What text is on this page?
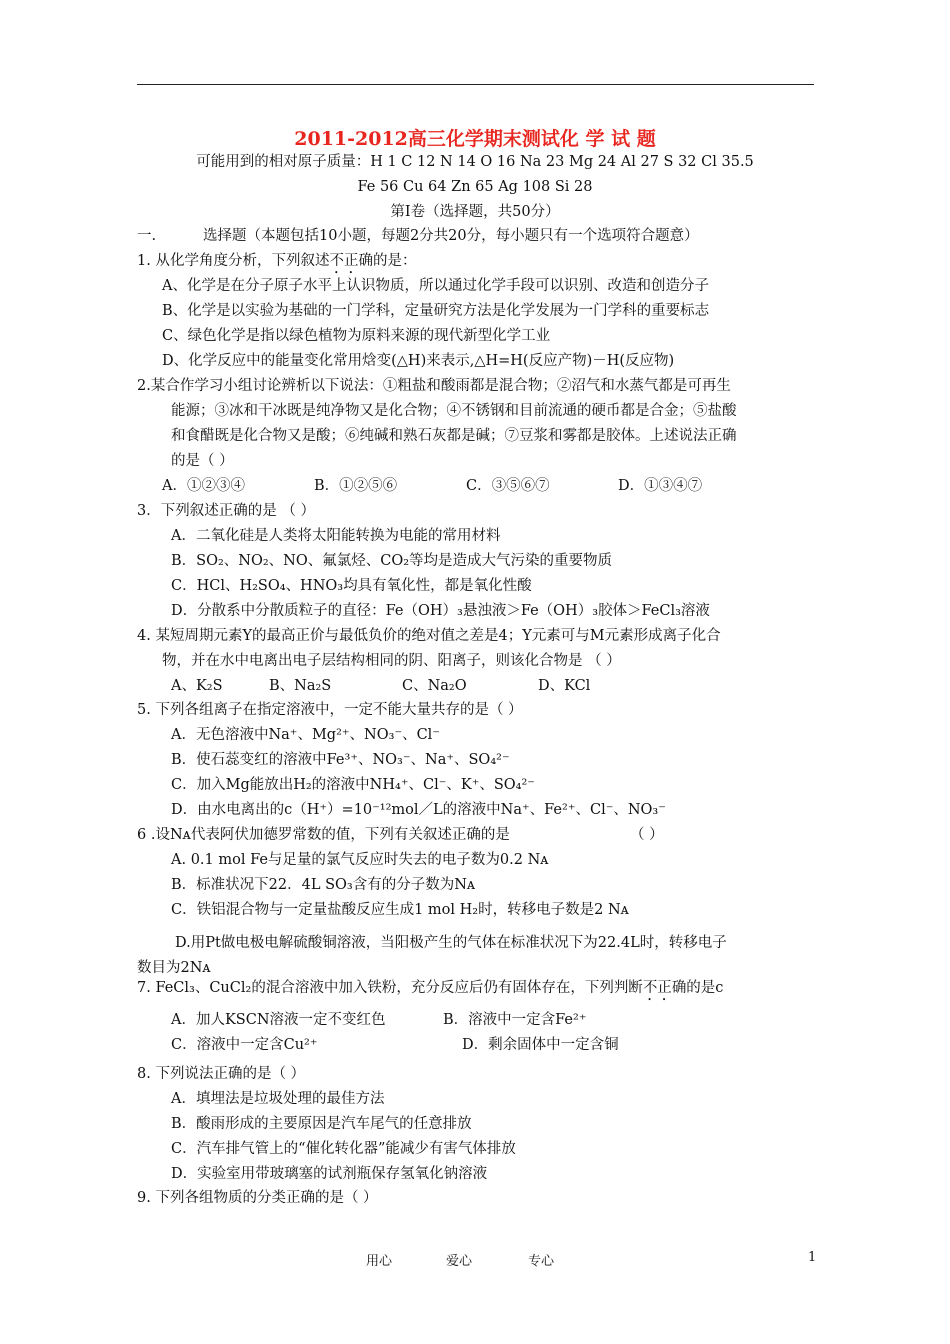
2011-2012高三化学期末测试化 学 试 题
可能用到的相对原子质量：H 1 C 12 N 14 O 16 Na 23 Mg 24 Al 27 S 32 Cl 35.5
Fe 56 Cu 64 Zn 65 Ag 108 Si 28
第Ⅰ卷（选择题，共50分）
一.	选择题（本题包括10小题，每题2分共20分，每小题只有一个选项符合题意）
1. 从化学角度分析，下列叙述不正确的是：
A、化学是在分子原子水平上认识物质，所以通过化学手段可以识别、改造和创造分子
B、化学是以实验为基础的一门学科，定量研究方法是化学发展为一门学科的重要标志
C、绿色化学是指以绿色植物为原料来源的现代新型化学工业
D、化学反应中的能量变化常用焓变(△H)来表示,△H=H(反应产物)－H(反应物)
2.某合作学习小组讨论辨析以下说法：①粗盐和酸雨都是混合物；②沼气和水蒸气都是可再生
能源；③冰和干冰既是纯净物又是化合物；④不锈钢和目前流通的硬币都是合金；⑤盐酸
和食醋既是化合物又是酸；⑥纯碱和熟石灰都是碱；⑦豆浆和雾都是胶体。上述说法正确
的是（ ）
A．①②③④	B．①②⑤⑥	C．③⑤⑥⑦	D．①③④⑦
3．下列叙述正确的是 （ ）
A．二氧化硅是人类将太阳能转换为电能的常用材料
B．SO₂、NO₂、NO、氟氯烃、CO₂等均是造成大气污染的重要物质
C．HCl、H₂SO₄、HNO₃均具有氧化性，都是氧化性酸
D．分散系中分散质粒子的直径：Fe（OH）₃悬浊液＞Fe（OH）₃胶体＞FeCl₃溶液
4. 某短周期元素Y的最高正价与最低负价的绝对值之差是4；Y元素可与M元素形成离子化合
物，并在水中电离出电子层结构相同的阴、阳离子，则该化合物是 （ ）
A、K₂S	B、Na₂S	C、Na₂O	D、KCl
5. 下列各组离子在指定溶液中，一定不能大量共存的是（ ）
A．无色溶液中Na⁺、Mg²⁺、NO₃⁻、Cl⁻
B．使石蕊变红的溶液中Fe³⁺、NO₃⁻、Na⁺、SO₄²⁻
C．加入Mg能放出H₂的溶液中NH₄⁺、Cl⁻、K⁺、SO₄²⁻
D．由水电离出的c（H⁺）=10⁻¹²mol／L的溶液中Na⁺、Fe²⁺、Cl⁻、NO₃⁻
6 .设Nᴀ代表阿伏加德罗常数的值，下列有关叙述正确的是	（ ）
A. 0.1 mol Fe与足量的氯气反应时失去的电子数为0.2 Nᴀ
B．标准状况下22．4L SO₃含有的分子数为Nᴀ
C．铁铝混合物与一定量盐酸反应生成1 mol H₂时，转移电子数是2 Nᴀ
D.用Pt做电极电解硫酸铜溶液，当阳极产生的气体在标准状况下为22.4L时，转移电子
数目为2Nᴀ
7. FeCl₃、CuCl₂的混合溶液中加入铁粉，充分反应后仍有固体存在，下列判断不正确的是c
A．加人KSCN溶液一定不变红色	B．溶液中一定含Fe²⁺
C．溶液中一定含Cu²⁺	D．剩余固体中一定含铜
8. 下列说法正确的是（ ）
A．填埋法是垃圾处理的最佳方法
B．酸雨形成的主要原因是汽车尾气的任意排放
C．汽车排气管上的“催化转化器”能减少有害气体排放
D．实验室用带玻璃塞的试剂瓶保存氢氧化钠溶液
9. 下列各组物质的分类正确的是（ ）
用心	爱心	专心	1
